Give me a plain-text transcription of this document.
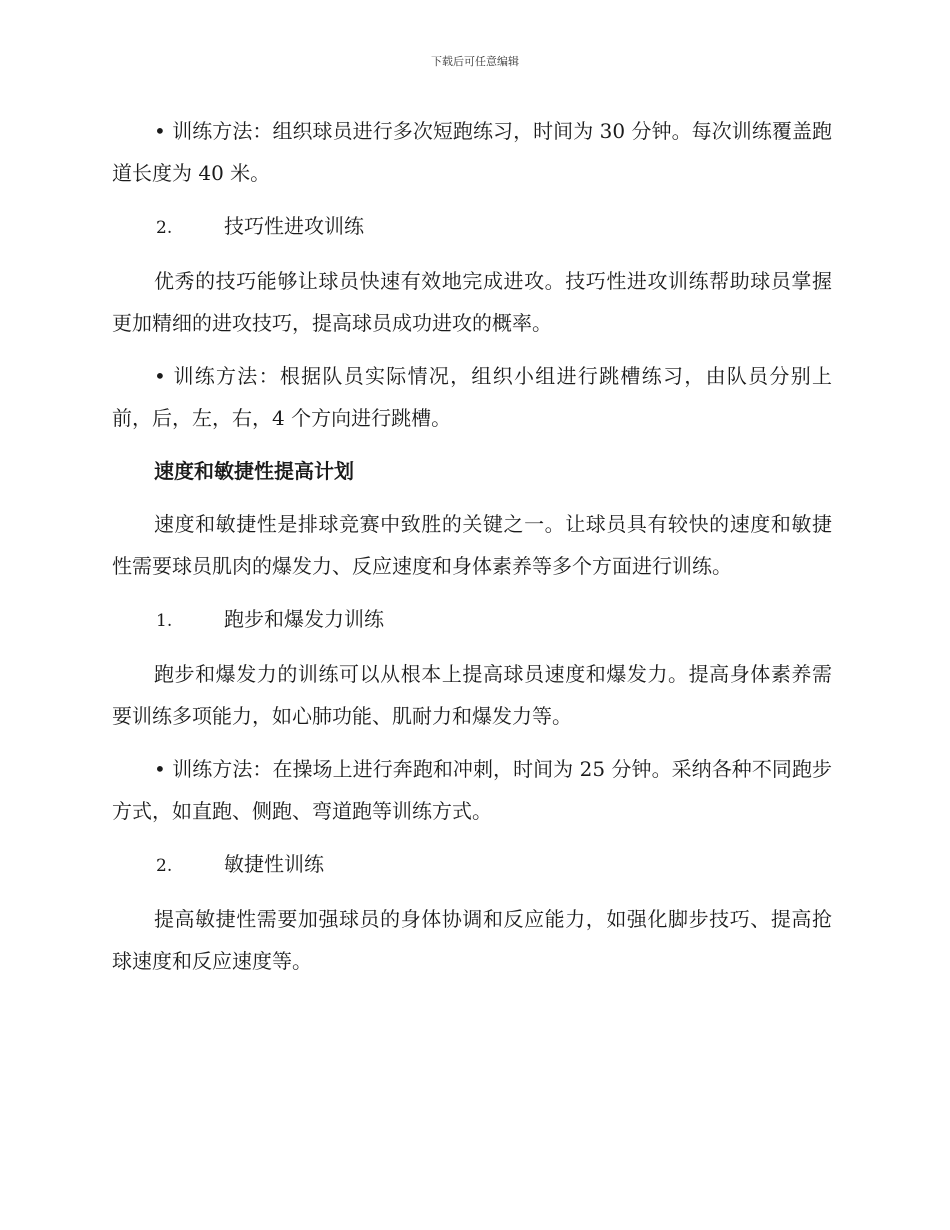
下载后可任意编辑

• 训练方法：组织球员进行多次短跑练习，时间为 30 分钟。每次训练覆盖跑道长度为 40 米。

2.	技巧性进攻训练

优秀的技巧能够让球员快速有效地完成进攻。技巧性进攻训练帮助球员掌握更加精细的进攻技巧，提高球员成功进攻的概率。

• 训练方法：根据队员实际情况，组织小组进行跳槽练习，由队员分别上前，后，左，右，4 个方向进行跳槽。

速度和敏捷性提高计划

速度和敏捷性是排球竞赛中致胜的关键之一。让球员具有较快的速度和敏捷性需要球员肌肉的爆发力、反应速度和身体素养等多个方面进行训练。

1.	跑步和爆发力训练

跑步和爆发力的训练可以从根本上提高球员速度和爆发力。提高身体素养需要训练多项能力，如心肺功能、肌耐力和爆发力等。

• 训练方法：在操场上进行奔跑和冲刺，时间为 25 分钟。采纳各种不同跑步方式，如直跑、侧跑、弯道跑等训练方式。

2.	敏捷性训练

提高敏捷性需要加强球员的身体协调和反应能力，如强化脚步技巧、提高抢球速度和反应速度等。
